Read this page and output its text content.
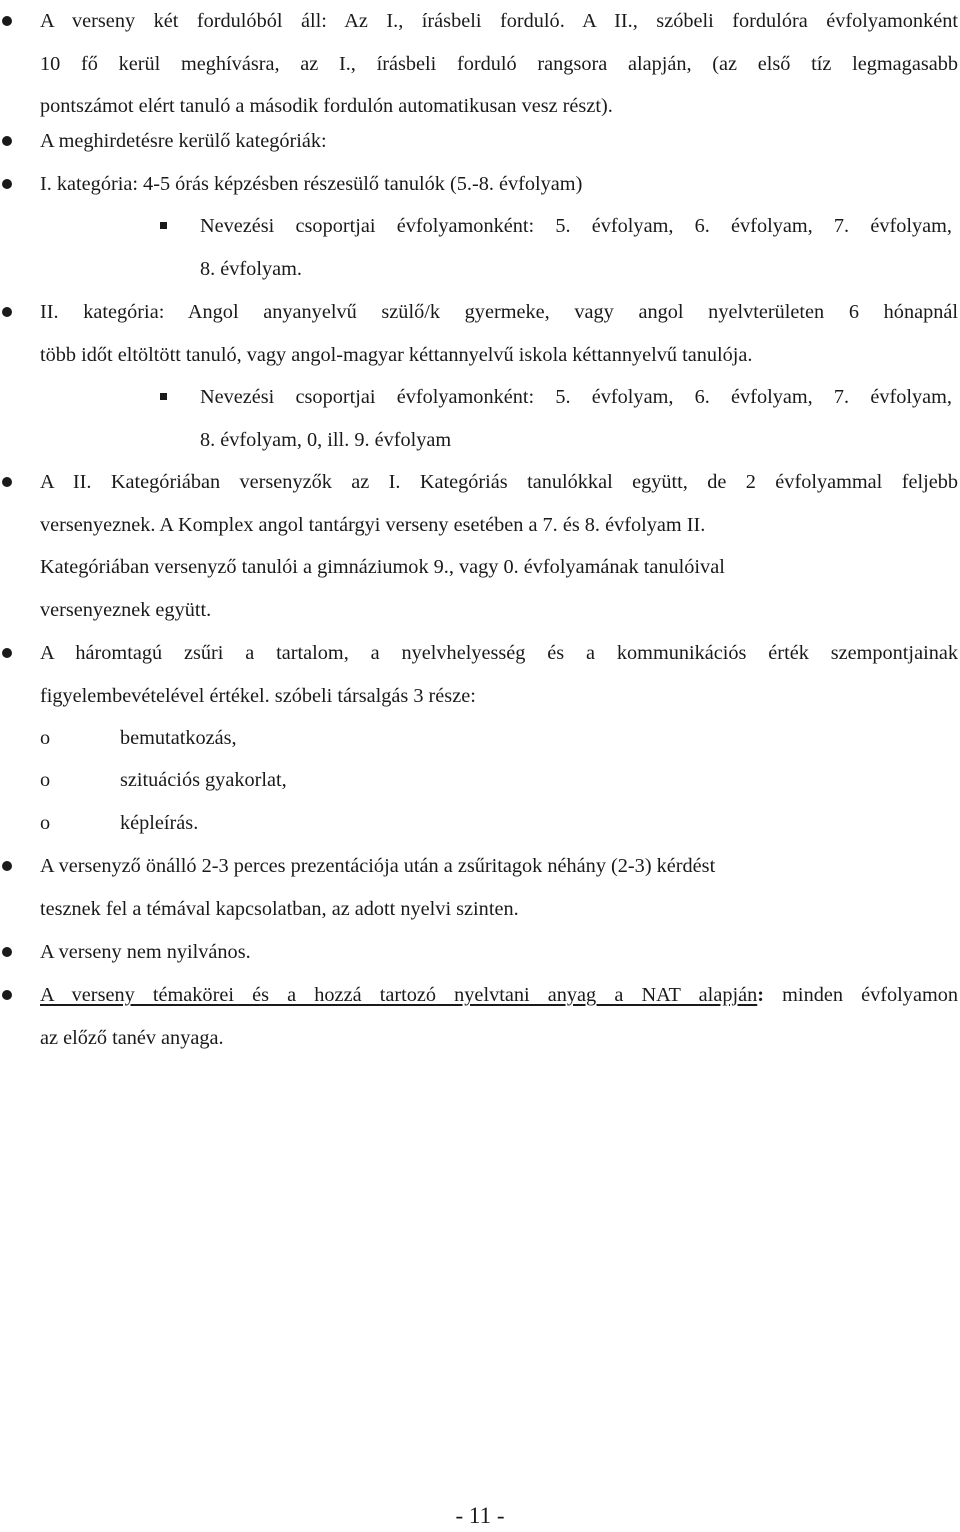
A verseny két fordulóból áll: Az I., írásbeli forduló. A II., szóbeli fordulóra évfolyamonként
10 fő kerül meghívásra, az I., írásbeli forduló rangsora alapján, (az első tíz legmagasabb
pontszámot elért tanuló a második fordulón automatikusan vesz részt).
A meghirdetésre kerülő kategóriák:
I. kategória: 4-5 órás képzésben részesülő tanulók (5.-8. évfolyam)
Nevezési csoportjai évfolyamonként: 5. évfolyam, 6. évfolyam, 7. évfolyam,
8. évfolyam.
II. kategória: Angol anyanyelvű szülő/k gyermeke, vagy angol nyelvterületen 6 hónapnál
több időt eltöltött tanuló, vagy angol-magyar kéttannyelvű iskola kéttannyelvű tanulója.
Nevezési csoportjai évfolyamonként: 5. évfolyam, 6. évfolyam, 7. évfolyam,
8. évfolyam, 0, ill. 9. évfolyam
A II. Kategóriában versenyzők az I. Kategóriás tanulókkal együtt, de 2 évfolyammal feljebb
versenyeznek. A Komplex angol tantárgyi verseny esetében a 7. és 8. évfolyam II.
Kategóriában versenyző tanulói a gimnáziumok 9., vagy 0. évfolyamának tanulóival
versenyeznek együtt.
A háromtagú zsűri a tartalom, a nyelvhelyesség és a kommunikációs érték szempontjainak
figyelembevételével értékel. szóbeli társalgás 3 része:
o	bemutatkozás,
o	szituációs gyakorlat,
o	képleírás.
A versenyző önálló 2-3 perces prezentációja után a zsűritagok néhány (2-3) kérdést
tesznek fel a témával kapcsolatban, az adott nyelvi szinten.
A verseny nem nyilvános.
A verseny témakörei és a hozzá tartozó nyelvtani anyag a NAT alapján: minden évfolyamon
az előző tanév anyaga.
- 11 -
